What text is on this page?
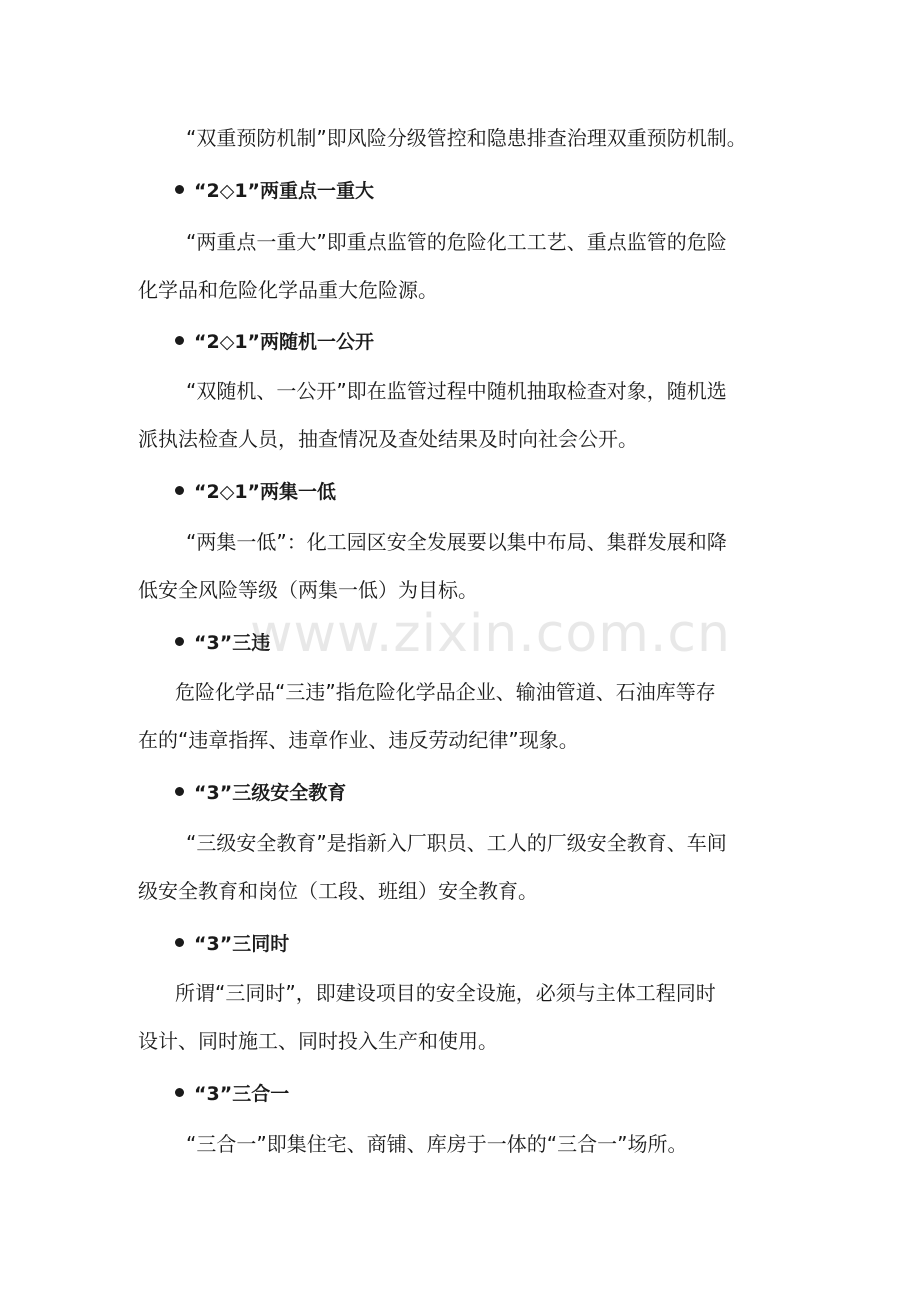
“双重预防机制”即风险分级管控和隐患排查治理双重预防机制。
“2◇1”两重点一重大
“两重点一重大”即重点监管的危险化工工艺、重点监管的危险
化学品和危险化学品重大危险源。
“2◇1”两随机一公开
“双随机、一公开”即在监管过程中随机抽取检查对象，随机选
派执法检查人员，抽查情况及查处结果及时向社会公开。
“2◇1”两集一低
“两集一低”：化工园区安全发展要以集中布局、集群发展和降
低安全风险等级（两集一低）为目标。
“3”三违
危险化学品“三违”指危险化学品企业、输油管道、石油库等存
在的“违章指挥、违章作业、违反劳动纪律”现象。
“3”三级安全教育
“三级安全教育”是指新入厂职员、工人的厂级安全教育、车间
级安全教育和岗位（工段、班组）安全教育。
“3”三同时
所谓“三同时”，即建设项目的安全设施，必须与主体工程同时
设计、同时施工、同时投入生产和使用。
“3”三合一
“三合一”即集住宅、商铺、库房于一体的“三合一”场所。
www.zixin.com.cn
